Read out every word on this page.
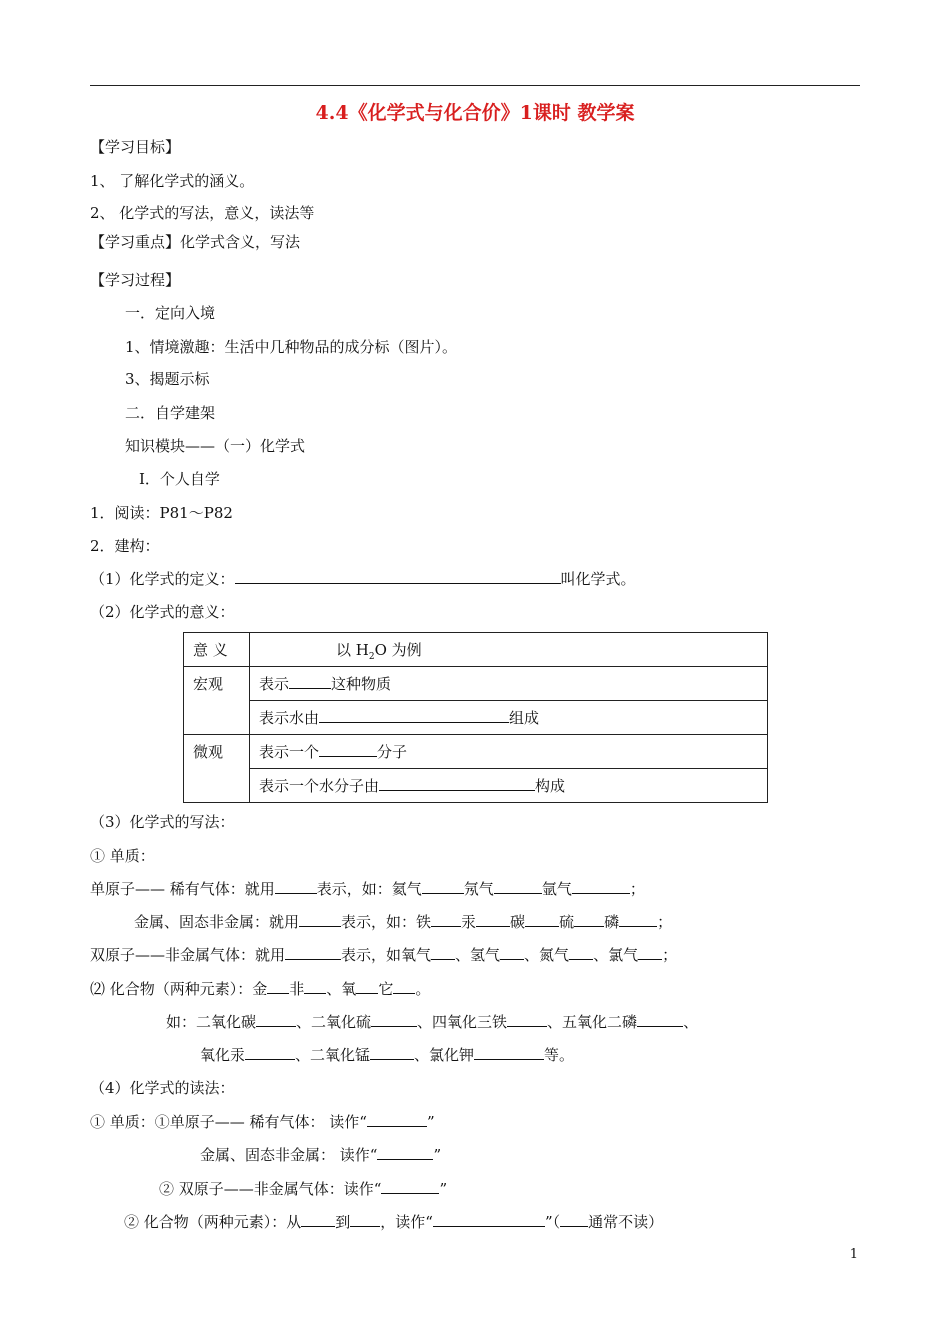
4.4《化学式与化合价》1课时 教学案
【学习目标】
1、 了解化学式的涵义。
2、 化学式的写法，意义，读法等
【学习重点】化学式含义，写法
【学习过程】
一．定向入境
1、情境激趣：生活中几种物品的成分标（图片）。
3、揭题示标
二．自学建架
知识模块——（一）化学式
Ⅰ．个人自学
1．阅读：P81～P82
2．建构：
（1）化学式的定义：	叫化学式。
（2）化学式的意义：
意 义	以 $H_2O$ 为例
宏观	表示 这种物质
	表示水由 组成
微观	表示一个 分子
	表示一个水分子由 构成
（3）化学式的写法：
① 单质：
单原子—— 稀有气体：就用	表示，如：氦气	氖气	氩气	；
金属、固态非金属：就用	表示，如：铁 汞 碳 硫 磷	；
双原子——非金属气体：就用	表示，如氧气 、氢气 、氮气 、氯气 ；
⑵ 化合物（两种元素）：金 非 、氧 它 。
如：二氧化碳	、二氧化硫	、四氧化三铁	、五氧化二磷	、
氧化汞	、二氧化锰	、氯化钾	等。
（4）化学式的读法：
① 单质：①单原子—— 稀有气体： 读作“	”
金属、固态非金属： 读作“	”
② 双原子——非金属气体：读作“	”
② 化合物（两种元素）：从 到 ，读作“	”（ 通常不读）
1
